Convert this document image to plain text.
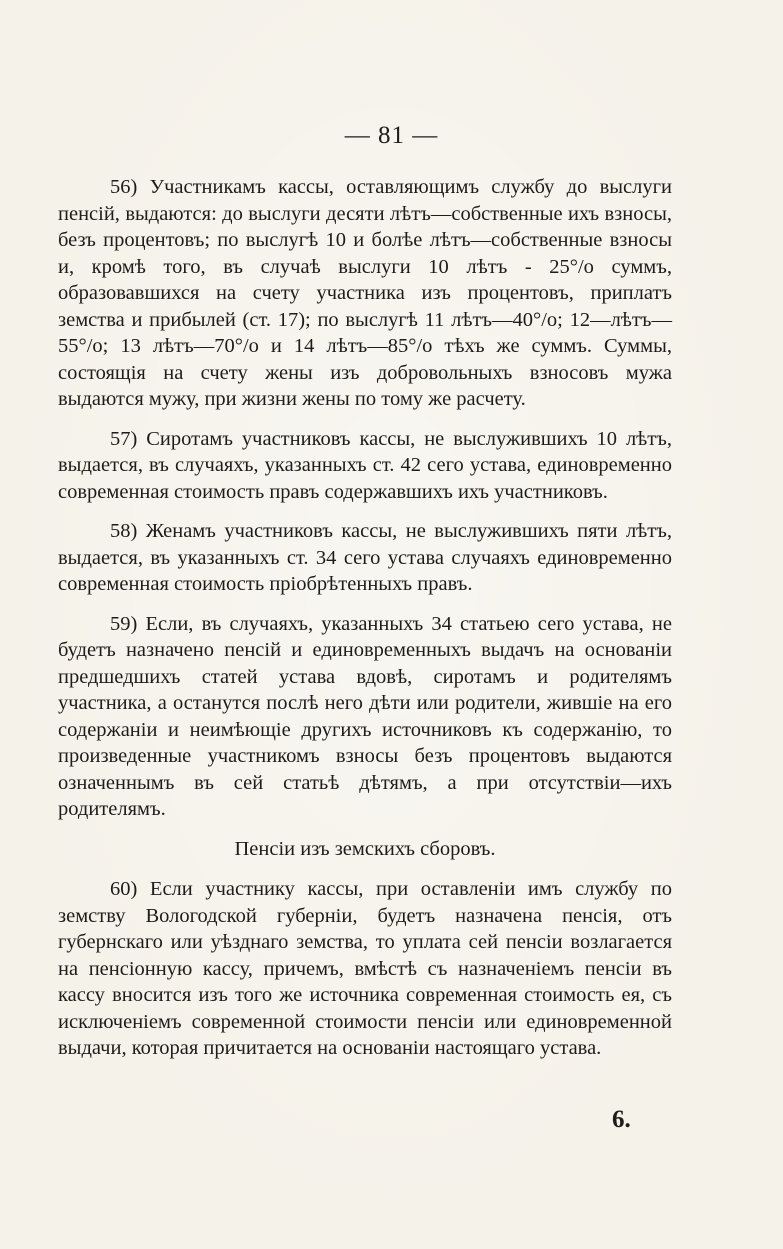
— 81 —

56) Участникамъ кассы, оставляющимъ службу до выслуги пенсiй, выдаются: до выслуги десяти лѣтъ—собственные ихъ взносы, безъ процентовъ; по выслугѣ 10 и болѣе лѣтъ—собственные взносы и, кромѣ того, въ случаѣ выслуги 10 лѣтъ - 25°/о суммъ, образовавшихся на счету участника изъ процентовъ, приплатъ земства и прибылей (ст. 17); по выслугѣ 11 лѣтъ—40°/о; 12—лѣтъ—55°/о; 13 лѣтъ—70°/о и 14 лѣтъ—85°/о тѣхъ же суммъ. Суммы, состоящiя на счету жены изъ добровольныхъ взносовъ мужа выдаются мужу, при жизни жены по тому же расчету.

57) Сиротамъ участниковъ кассы, не выслужившихъ 10 лѣтъ, выдается, въ случаяхъ, указанныхъ ст. 42 сего устава, единовременно современная стоимость правъ содержавшихъ ихъ участниковъ.

58) Женамъ участниковъ кассы, не выслужившихъ пяти лѣтъ, выдается, въ указанныхъ ст. 34 сего устава случаяхъ единовременно современная стоимость прiобрѣтенныхъ правъ.

59) Если, въ случаяхъ, указанныхъ 34 статьею сего устава, не будетъ назначено пенсiй и единовременныхъ выдачъ на основанiи предшедшихъ статей устава вдовѣ, сиротамъ и родителямъ участника, а останутся послѣ него дѣти или родители, жившiе на его содержанiи и неимѣющiе другихъ источниковъ къ содержанiю, то произведенные участникомъ взносы безъ процентовъ выдаются означеннымъ въ сей статьѣ дѣтямъ, а при отсутствiи—ихъ родителямъ.

Пенсiи изъ земскихъ сборовъ.

60) Если участнику кассы, при оставленiи имъ службу по земству Вологодской губернiи, будетъ назначена пенсiя, отъ губернскаго или уѣзднаго земства, то уплата сей пенсiи возлагается на пенсiонную кассу, причемъ, вмѣстѣ съ назначенiемъ пенсiи въ кассу вносится изъ того же источника современная стоимость ея, съ исключенiемъ современной стоимости пенсiи или единовременной выдачи, которая причитается на основанiи настоящаго устава.

6.
